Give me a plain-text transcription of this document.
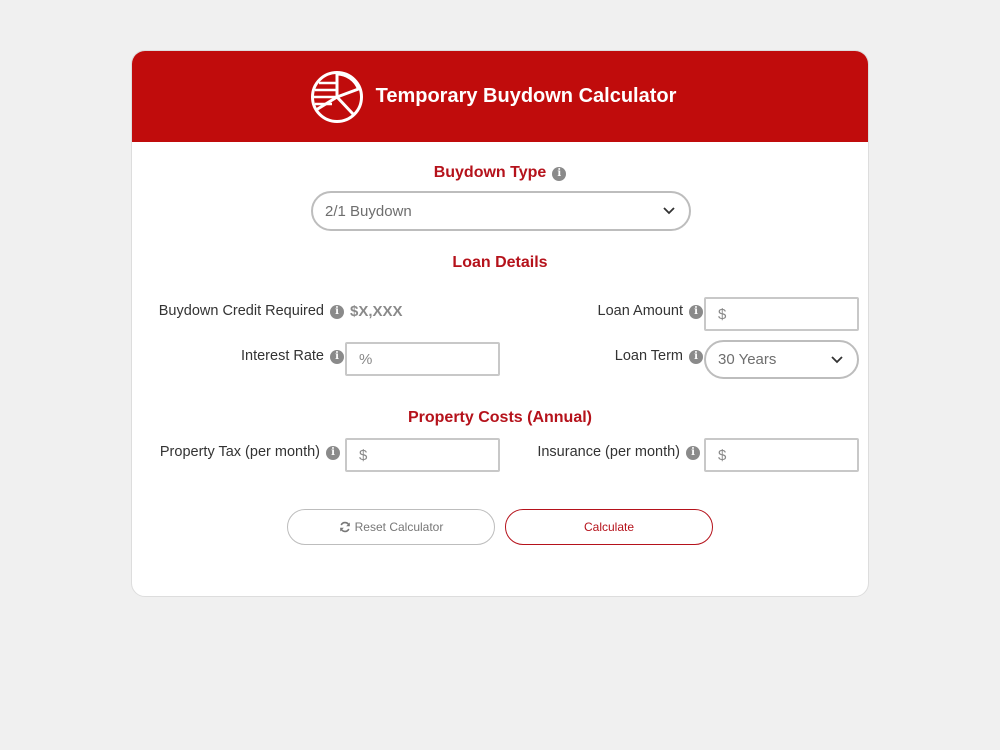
Temporary Buydown Calculator
Buydown Type i
2/1 Buydown
Loan Details
Buydown Credit Required i $X,XXX	Loan Amount i	$
Interest Rate i	%	Loan Term i	30 Years
Property Costs (Annual)
Property Tax (per month) i	$	Insurance (per month) i	$
Reset Calculator	Calculate
